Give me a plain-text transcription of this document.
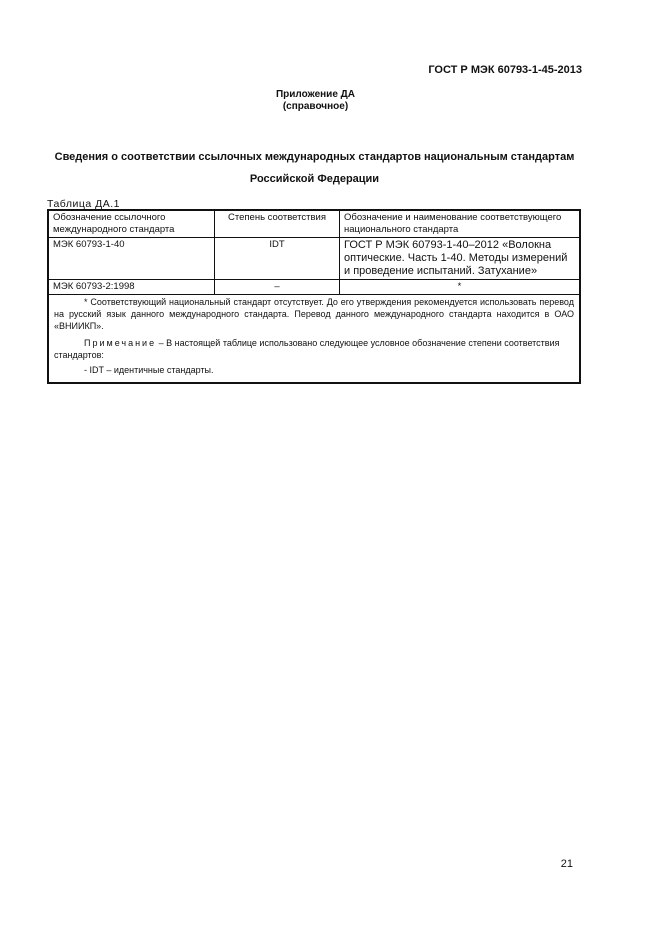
ГОСТ Р МЭК 60793-1-45-2013
Приложение ДА
(справочное)
Сведения о соответствии ссылочных международных стандартов национальным стандартам
Российской Федерации
Таблица ДА.1
Обозначение ссылочного международного стандарта	Степень соответствия	Обозначение и наименование соответствующего национального стандарта
МЭК 60793-1-40	IDT	ГОСТ Р МЭК 60793-1-40–2012 «Волокна оптические. Часть 1-40. Методы измерений и проведение испытаний. Затухание»
МЭК 60793-2:1998	–	*

* Соответствующий национальный стандарт отсутствует. До его утверждения рекомендуется использовать перевод на русский язык данного международного стандарта. Перевод данного международного стандарта находится в ОАО «ВНИИКП».

Примечание – В настоящей таблице использовано следующее условное обозначение степени соответствия стандартов:

- IDT – идентичные стандарты.		

21
